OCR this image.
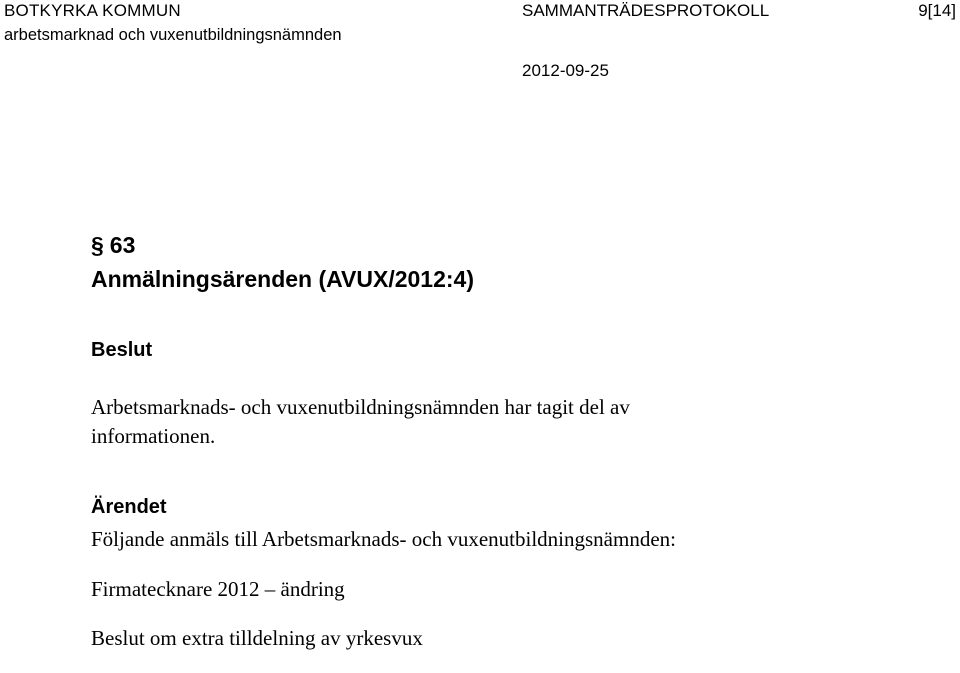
BOTKYRKA KOMMUN
arbetsmarknad och vuxenutbildningsnämnden
SAMMANTRÄDESPROTOKOLL	9[14]
2012-09-25
§ 63
Anmälningsärenden (AVUX/2012:4)
Beslut
Arbetsmarknads- och vuxenutbildningsnämnden har tagit del av informationen.
Ärendet
Följande anmäls till Arbetsmarknads- och vuxenutbildningsnämnden:
Firmatecknare 2012 – ändring
Beslut om extra tilldelning av yrkesvux
